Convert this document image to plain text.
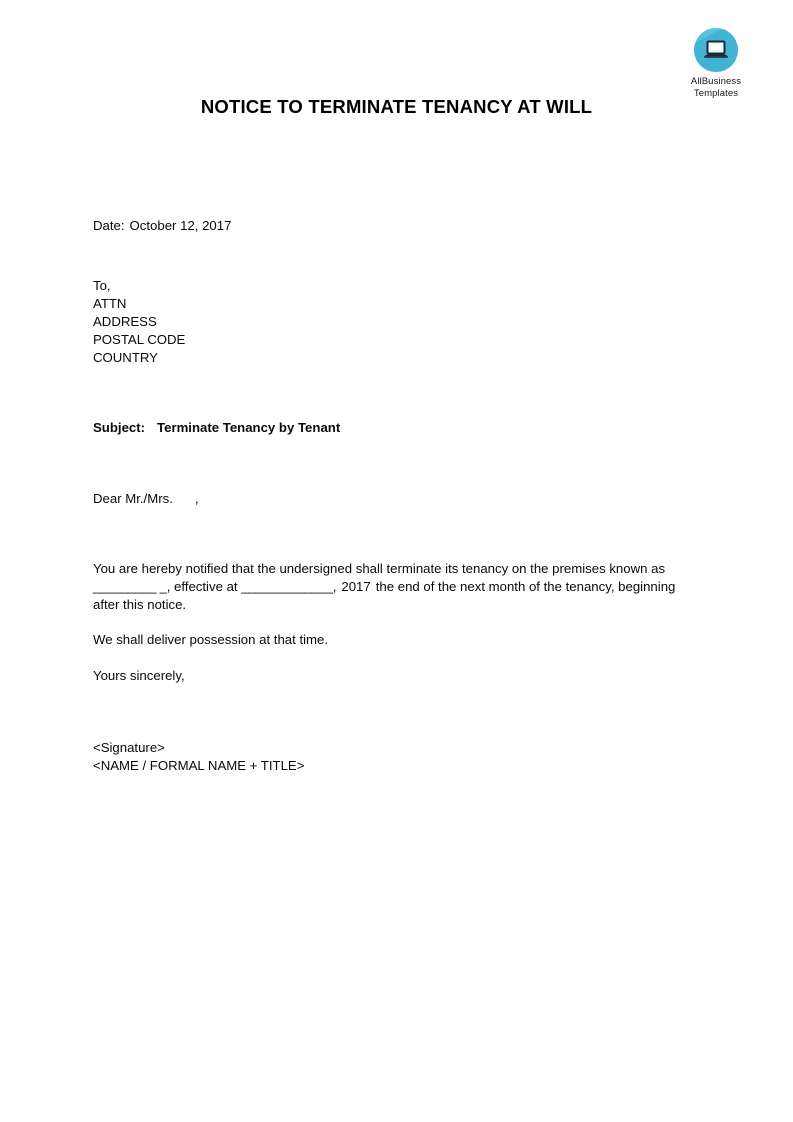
AllBusiness
Templates
NOTICE TO TERMINATE TENANCY AT WILL
Date: October 12, 2017
To,
ATTN
ADDRESS
POSTAL CODE
COUNTRY
Subject: Terminate Tenancy by Tenant
Dear Mr./Mrs. ,
You are hereby notified that the undersigned shall terminate its tenancy on the premises known as _________ _, effective at _____________, 2017 the end of the next month of the tenancy, beginning after this notice.
We shall deliver possession at that time.
Yours sincerely,
<Signature>
<NAME / FORMAL NAME + TITLE>
